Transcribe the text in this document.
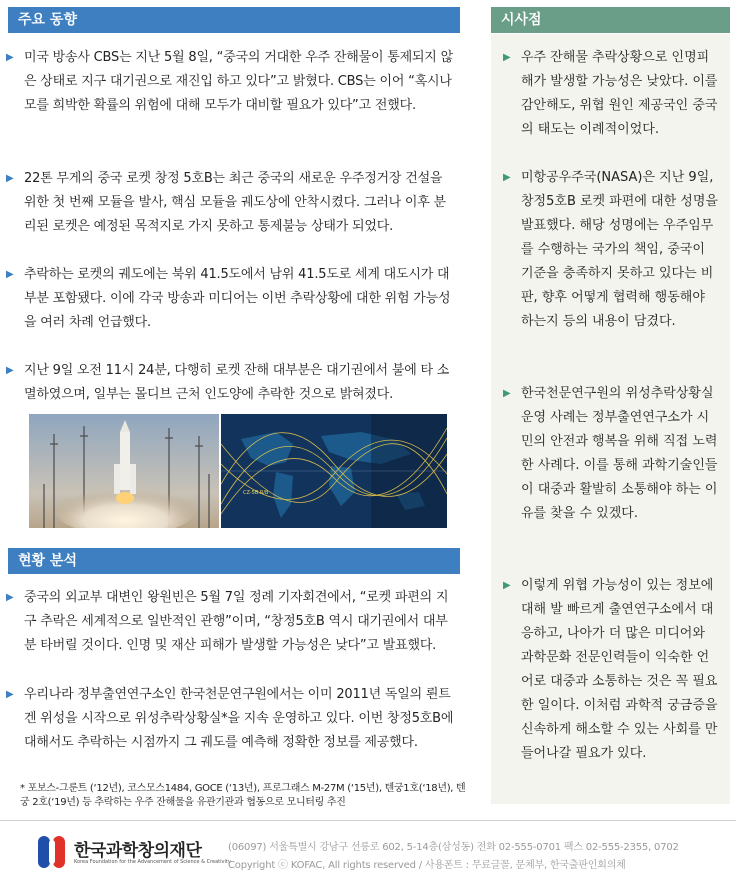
주요 동향	시사점
▶ 미국 방송사 CBS는 지난 5월 8일, “중국의 거대한 우주 잔해물이 통제되지 않은 상태로 지구 대기권으로 재진입 하고 있다”고 밝혔다. CBS는 이어 “혹시나 모를 희박한 확률의 위험에 대해 모두가 대비할 필요가 있다”고 전했다.
▶ 22톤 무게의 중국 로켓 창정 5호B는 최근 중국의 새로운 우주정거장 건설을 위한 첫 번째 모듈을 발사, 핵심 모듈을 궤도상에 안착시켰다. 그러나 이후 분리된 로켓은 예정된 목적지로 가지 못하고 통제불능 상태가 되었다.
▶ 추락하는 로켓의 궤도에는 북위 41.5도에서 남위 41.5도로 세계 대도시가 대부분 포함됐다. 이에 각국 방송과 미디어는 이번 추락상황에 대한 위험 가능성을 여러 차례 언급했다.
▶ 지난 9일 오전 11시 24분, 다행히 로켓 잔해 대부분은 대기권에서 불에 타 소멸하였으며, 일부는 몰디브 근처 인도양에 추락한 것으로 밝혀졌다.
CZ-5B R/B
현황 분석
▶ 중국의 외교부 대변인 왕원빈은 5월 7일 정례 기자회견에서, “로켓 파편의 지구 추락은 세계적으로 일반적인 관행”이며, “창정5호B 역시 대기권에서 대부분 타버릴 것이다. 인명 및 재산 피해가 발생할 가능성은 낮다”고 발표했다.
▶ 우리나라 정부출연연구소인 한국천문연구원에서는 이미 2011년 독일의 뢴트겐 위성을 시작으로 위성추락상황실*을 지속 운영하고 있다. 이번 창정5호B에 대해서도 추락하는 시점까지 그 궤도를 예측해 정확한 정보를 제공했다.
* 포보스-그룬트 (‘12년), 코스모스1484, GOCE (‘13년), 프로그래스 M-27M (‘15년), 텐궁1호(‘18년), 텐궁 2호(‘19년) 등 추락하는 우주 잔해물을 유관기관과 협동으로 모니터링 추진
▶ 우주 잔해물 추락상황으로 인명피해가 발생할 가능성은 낮았다. 이를 감안해도, 위협 원인 제공국인 중국의 태도는 이례적이었다.
▶ 미항공우주국(NASA)은 지난 9일, 창정5호B 로켓 파편에 대한 성명을 발표했다. 해당 성명에는 우주임무를 수행하는 국가의 책임, 중국이 기준을 충족하지 못하고 있다는 비판, 향후 어떻게 협력해 행동해야 하는지 등의 내용이 담겼다.
▶ 한국천문연구원의 위성추락상황실 운영 사례는 정부출연연구소가 시민의 안전과 행복을 위해 직접 노력한 사례다. 이를 통해 과학기술인들이 대중과 활발히 소통해야 하는 이유를 찾을 수 있겠다.
▶ 이렇게 위협 가능성이 있는 정보에 대해 발 빠르게 출연연구소에서 대응하고, 나아가 더 많은 미디어와 과학문화 전문인력들이 익숙한 언어로 대중과 소통하는 것은 꼭 필요한 일이다. 이처럼 과학적 궁금증을 신속하게 해소할 수 있는 사회를 만들어나갈 필요가 있다.
한국과학창의재단
Korea Foundation for the Advancement of Science & Creativity
(06097) 서울특별시 강남구 선릉로 602, 5-14층(삼성동) 전화 02-555-0701 팩스 02-555-2355, 0702
Copyright ⓒ KOFAC, All rights reserved / 사용폰트 : 무료글꼴, 문체부, 한국출판인회의체
